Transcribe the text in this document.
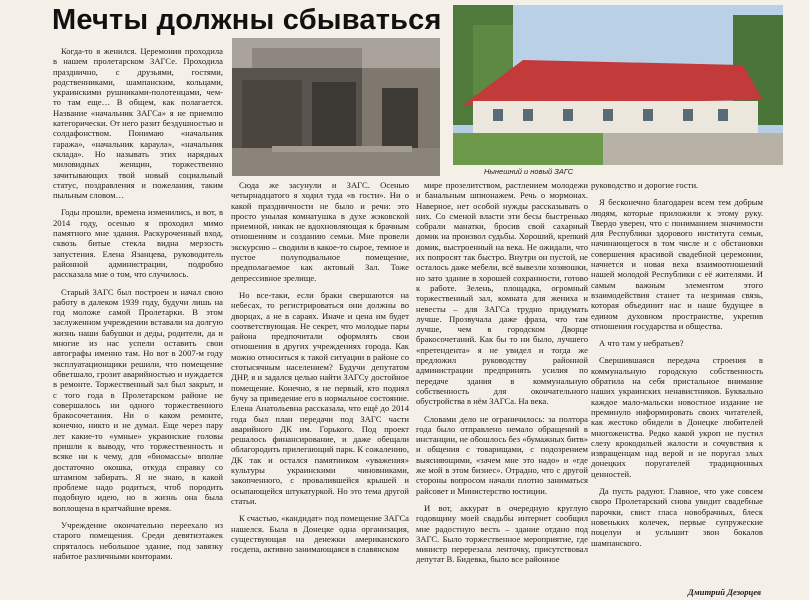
Мечты должны сбываться

Когда-то я женился. Церемония проходила в нашем пролетарском ЗАГСе. Проходила празднично, с друзьями, гостями, родственниками, шампанским, кольцами, украинскими рушниками-полотенцами, чем-то там еще… В общем, как полагается. Название «начальник ЗАГСа» я не приемлю категорически. От него разит бездушностью и солдафонством. Понимаю «начальник гаража», «начальник караула», «начальник склада». Но называть этих нарядных миловидных женщин, торжественно зачитывающих твой новый социальный статус, поздравления и пожелания, таким пыльным словом…

Годы прошли, времена изменились, и вот, в 2014 году, осенью я проходил мимо памятного мне здания. Раскуроченный вход, сквозь битые стекла видна мерзость запустения. Елена Язанцева, руководитель районной администрации, подробно рассказала мне о том, что случилось.

Старый ЗАГС был построен и начал свою работу в далеком 1939 году, будучи лишь на год моложе самой Пролетарки. В этом заслуженном учреждении вставали на долгую жизнь наши бабушки и деды, родители, да и многие из нас успели оставить свои автографы именно там. Но вот в 2007-м году эксплуатационщики решили, что помещение обветшало, грозит аварийностью и нуждается в ремонте. Торжественный зал был закрыт, и с того года в Пролетарском районе не совершалось ни одного торжественного бракосочетания. Ни о каком ремонте, конечно, никто и не думал. Еще через пару лет какие-то «умные» украинские головы пришли к выводу, что торжественность и всяке ни к чему, для «биомассы» вполне достаточно окошка, откуда справку со штампом забирать. Я не знаю, в какой проблеме надо родиться, чтоб породить подобную идею, но в жизнь она была воплощена в кратчайшие время.

Учреждение окончательно переехало из старого помещения. Среди девятиэтажек спряталось небольшое здание, под завязку набитое различными конторами.

Нынешний и новый ЗАГС

Сюда же засунули и ЗАГС. Осенью четырнадцатого я ходил туда «в гости». Ни о какой праздничности не было и речи: это просто унылая комнатушка в духе жэковской приемной, никак не вдохновляющая к брачным отношениям и созданию семьи. Мне провели экскурсию – сводили в какое-то сырое, темное и пустое полуподвальное помещение, предполагаемое как актовый Зал. Тоже депрессивное зрелище.

Но все-таки, если браки свершаются на небесах, то регистрироваться они должны во дворцах, а не в сараях. Иначе и цена им будет соответствующая. Не секрет, что молодые пары района предпочитали оформлять свои отношения в других учреждениях города. Как можно относиться к такой ситуации в районе со стотысячным населением? Будучи депутатом ДНР, я и задался целью найти ЗАГСу достойное помещение. Конечно, я не первый, кто поднял бучу за приведение его в нормальное состояние. Елена Анатольевна рассказала, что ещё до 2014 года был план передачи под ЗАГС части аварийного ДК им. Горького. Под проект решалось финансирование, и даже обещали облагородить прилегающий парк. К сожалению, ДК так и остался памятником «уважения» культуры украинскими чиновниками, закопченного, с провалившейся крышей и осыпающейся штукатуркой. Но это тема другой статьи.

К счастью, «кандидат» под помещение ЗАГСа нашелся. Была в Донецке одна организация, существующая на денежки американского госдепа, активно занимающаяся в славянском

мире прозелитством, растлением молодежи и банальным шпионажем. Речь о мормонах. Наверное, нет особой нужды рассказывать о них. Со сменой власти эти бесы быстренько собрали манатки, бросив свой сахарный домик на произвол судьбы. Хороший, крепкий домик, выстроенный на века. Не ожидали, что их попросят так быстро. Внутри он пустой, не осталось даже мебели, всё вывезли хозяюшки, но зато здание в хорошей сохранности, готово к работе. Зелень, площадка, огромный торжественный зал, комната для жениха и невесты – для ЗАГСа трудно придумать лучше. Прозвучала даже фраза, что там лучше, чем в городском Дворце бракосочетаний. Как бы то ни было, лучшего «претендента» я не увидел и тогда же предложил руководству районной администрации предпринять усилия по передаче здания в коммунальную собственность для окончательного обустройства в нём ЗАГСа. На века.

Словами дело не ограничилось: за полтора года было отправлено немало обращений в инстанции, не обошлось без «бумажных битв» и общения с товарищами, с подозрением выясняющими, «зачем мне это надо» и «где же мой в этом бизнес». Отрадно, что с другой стороны вопросом начали плотно заниматься райсовет и Министерство юстиции.

И вот, аккурат в очередную круглую годовщину моей свадьбы интернет сообщил мне радостную весть – здание отдано под ЗАГС. Было торжественное мероприятие, где министр перерезала ленточку, присутствовал депутат В. Бидевка, было все районное

руководство и дорогие гости.

Я бесконечно благодарен всем тем добрым людям, которые приложили к этому руку. Твердо уверен, что с пониманием значимости для Республики здорового института семьи, начинающегося в том числе и с обстановки совершения красивой свадебной церемонии, начнется и новая веха взаимоотношений нашей молодой Республики с её жителями. И самым важным элементом этого взаимодействия станет та незримая связь, которая объединит нас и наше будущее в едином духовном пространстве, укрепив отношения государства и общества.

А что там у небратьев?

Свершившаяся передача строения в коммунальную городскую собственность обратила на себя пристальное внимание наших украинских ненавистников. Буквально каждое мало-мальски новостное издание не преминуло информировать своих читателей, как жестоко обидели в Донецке любителей многоженства. Редко какой укроп не пустил слезу крокодильей жалости и сочувствия к извращенцам над верой и не поругал злых донецких поругателей традиционных ценностей.

Да пусть радуют. Главное, что уже совсем скоро Пролетарский снова увидит свадебные парочки, свист гласа новобрачных, блеск новеньких колечек, первые супружеские поцелуи и услышит звон бокалов шампанского.

Дмитрий Дезорцев
